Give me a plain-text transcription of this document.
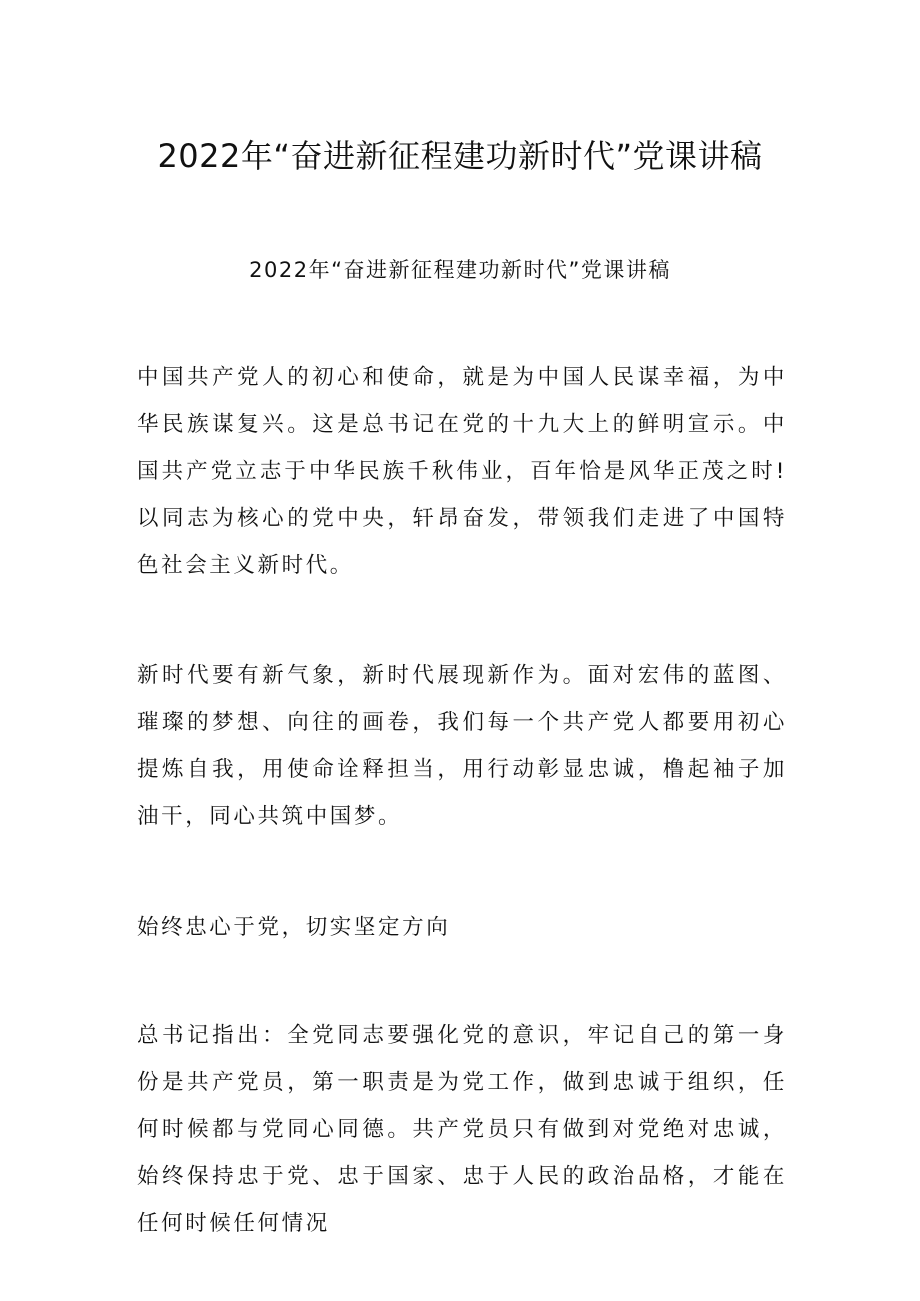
2022年“奋进新征程建功新时代”党课讲稿
2022年“奋进新征程建功新时代”党课讲稿

中国共产党人的初心和使命，就是为中国人民谋幸福，为中华民族谋复兴。这是总书记在党的十九大上的鲜明宣示。中国共产党立志于中华民族千秋伟业，百年恰是风华正茂之时!以同志为核心的党中央，轩昂奋发，带领我们走进了中国特色社会主义新时代。

新时代要有新气象，新时代展现新作为。面对宏伟的蓝图、璀璨的梦想、向往的画卷，我们每一个共产党人都要用初心提炼自我，用使命诠释担当，用行动彰显忠诚，橹起袖子加油干，同心共筑中国梦。

始终忠心于党，切实坚定方向

总书记指出：全党同志要强化党的意识，牢记自己的第一身份是共产党员，第一职责是为党工作，做到忠诚于组织，任何时候都与党同心同德。共产党员只有做到对党绝对忠诚，始终保持忠于党、忠于国家、忠于人民的政治品格，才能在任何时候任何情况
